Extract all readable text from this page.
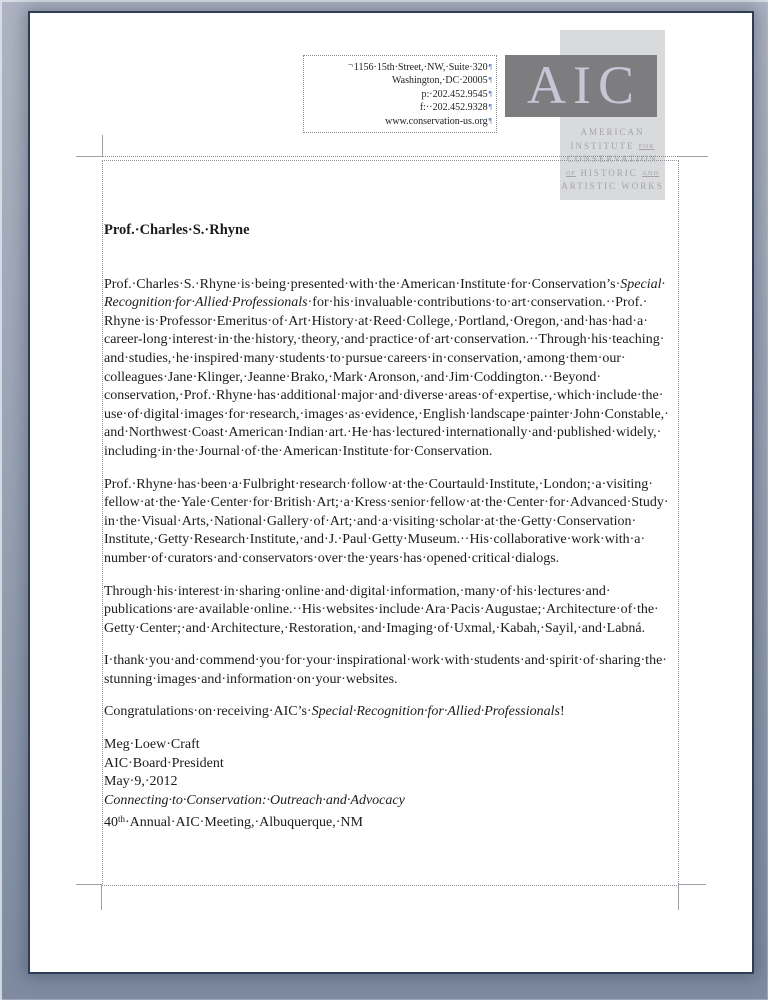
¬1156·​15th·​Street,·​NW,·​Suite·​320¶
Washington,·​DC·​20005¶
p:·​202.452.9545¶
f:·​·​202.452.9328¶
www.conservation-us.org¶
AIC
AMERICAN
INSTITUTE FOR
CONSERVATION
OF HISTORIC AND
ARTISTIC WORKS
Prof.·​Charles·​S.·​Rhyne

Prof.·​Charles·​S.·​Rhyne·​is·​being·​presented·​with·​the·​American·​Institute·​for·​Conservation’s·​Special·​Recognition·​for·​Allied·​Professionals·​for·​his·​invaluable·​contributions·​to·​art·​conservation.·​·​Prof.·​Rhyne·​is·​Professor·​Emeritus·​of·​Art·​History·​at·​Reed·​College,·​Portland,·​Oregon,·​and·​has·​had·​a·​career-long·​interest·​in·​the·​history,·​theory,·​and·​practice·​of·​art·​conservation.·​·​Through·​his·​teaching·​and·​studies,·​he·​inspired·​many·​students·​to·​pursue·​careers·​in·​conservation,·​among·​them·​our·​colleagues·​Jane·​Klinger,·​Jeanne·​Brako,·​Mark·​Aronson,·​and·​Jim·​Coddington.·​·​Beyond·​conservation,·​Prof.·​Rhyne·​has·​additional·​major·​and·​diverse·​areas·​of·​expertise,·​which·​include·​the·​use·​of·​digital·​images·​for·​research,·​images·​as·​evidence,·​English·​landscape·​painter·​John·​Constable,·​and·​Northwest·​Coast·​American·​Indian·​art.·​He·​has·​lectured·​internationally·​and·​published·​widely,·​including·​in·​the·​Journal·​of·​the·​American·​Institute·​for·​Conservation.

Prof.·​Rhyne·​has·​been·​a·​Fulbright·​research·​follow·​at·​the·​Courtauld·​Institute,·​London;·​a·​visiting·​fellow·​at·​the·​Yale·​Center·​for·​British·​Art;·​a·​Kress·​senior·​fellow·​at·​the·​Center·​for·​Advanced·​Study·​in·​the·​Visual·​Arts,·​National·​Gallery·​of·​Art;·​and·​a·​visiting·​scholar·​at·​the·​Getty·​Conservation·​Institute,·​Getty·​Research·​Institute,·​and·​J.·​Paul·​Getty·​Museum.·​·​His·​collaborative·​work·​with·​a·​number·​of·​curators·​and·​conservators·​over·​the·​years·​has·​opened·​critical·​dialogs.

Through·​his·​interest·​in·​sharing·​online·​and·​digital·​information,·​many·​of·​his·​lectures·​and·​publications·​are·​available·​online.·​·​His·​websites·​include·​Ara·​Pacis·​Augustae;·​Architecture·​of·​the·​Getty·​Center;·​and·​Architecture,·​Restoration,·​and·​Imaging·​of·​Uxmal,·​Kabah,·​Sayil,·​and·​Labná.

I·​thank·​you·​and·​commend·​you·​for·​your·​inspirational·​work·​with·​students·​and·​spirit·​of·​sharing·​the·​stunning·​images·​and·​information·​on·​your·​websites.

Congratulations·​on·​receiving·​AIC’s·​Special·​Recognition·​for·​Allied·​Professionals!

Meg·​Loew·​Craft
AIC·​Board·​President
May·​9,·​2012
Connecting·​to·​Conservation:·​Outreach·​and·​Advocacy
40th·​Annual·​AIC·​Meeting,·​Albuquerque,·​NM
